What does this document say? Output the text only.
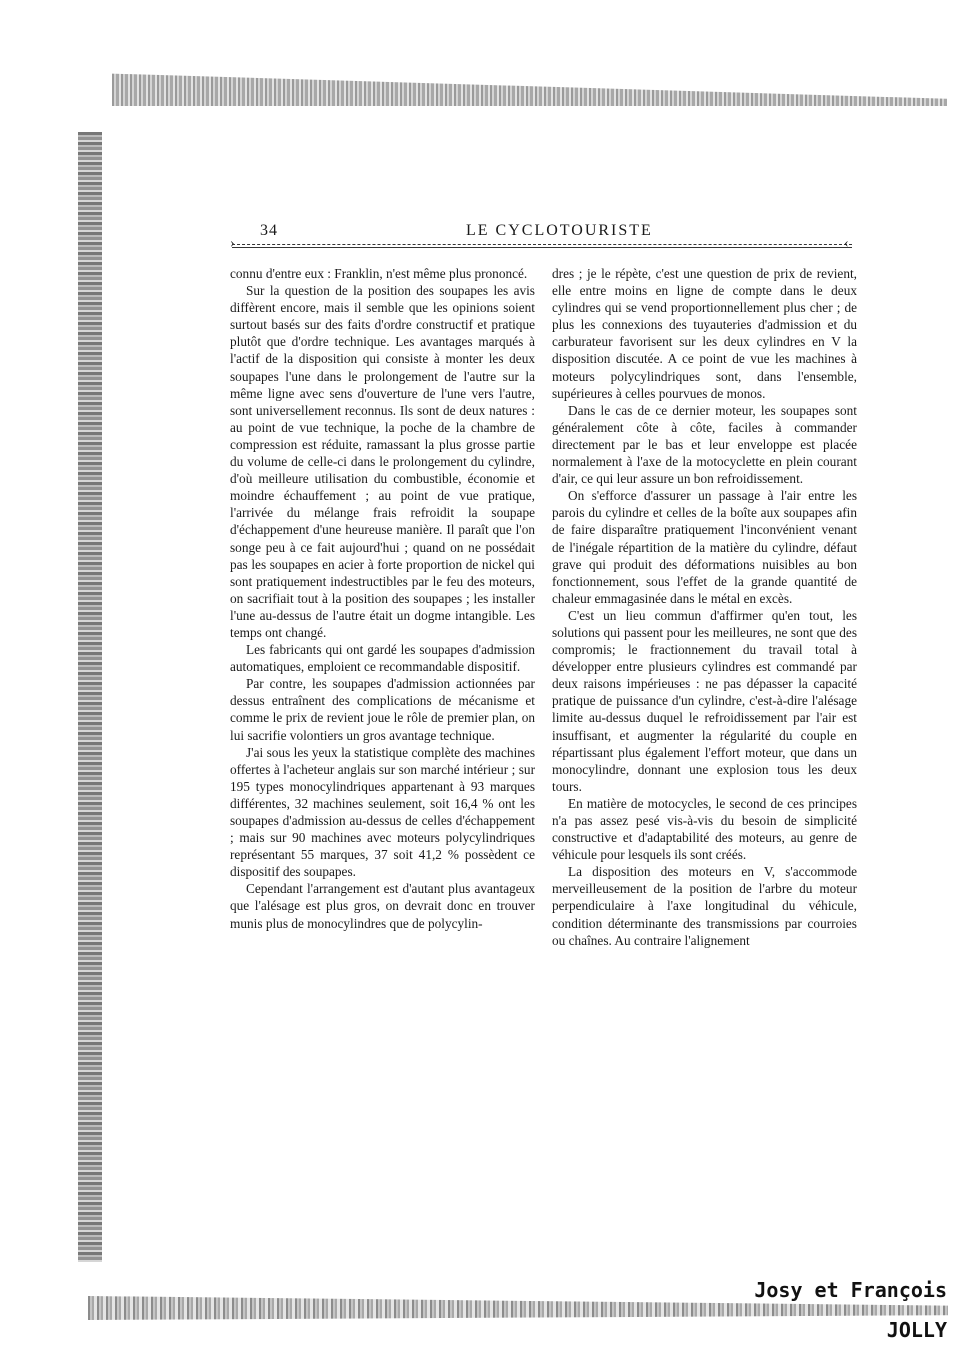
34	LE CYCLOTOURISTE
›	‹

connu d'entre eux : Franklin, n'est même plus prononcé.

Sur la question de la position des soupapes les avis diffèrent encore, mais il semble que les opinions soient surtout basés sur des faits d'ordre constructif et pratique plutôt que d'ordre technique. Les avantages marqués à l'actif de la disposition qui consiste à monter les deux soupapes l'une dans le prolongement de l'autre sur la même ligne avec sens d'ouverture de l'une vers l'autre, sont universellement reconnus. Ils sont de deux natures : au point de vue technique, la poche de la chambre de compression est réduite, ramassant la plus grosse partie du volume de celle-ci dans le prolongement du cylindre, d'où meilleure utilisation du combustible, économie et moindre échauffement ; au point de vue pratique, l'arrivée du mélange frais refroidit la soupape d'échappement d'une heureuse manière. Il paraît que l'on songe peu à ce fait aujourd'hui ; quand on ne possédait pas les soupapes en acier à forte proportion de nickel qui sont pratiquement indestructibles par le feu des moteurs, on sacrifiait tout à la position des soupapes ; les installer l'une au-dessus de l'autre était un dogme intangible. Les temps ont changé.

Les fabricants qui ont gardé les soupapes d'admission automatiques, emploient ce recommandable dispositif.

Par contre, les soupapes d'admission actionnées par dessus entraînent des complications de mécanisme et comme le prix de revient joue le rôle de premier plan, on lui sacrifie volontiers un gros avantage technique.

J'ai sous les yeux la statistique complète des machines offertes à l'acheteur anglais sur son marché intérieur ; sur 195 types monocylindriques appartenant à 93 marques différentes, 32 machines seulement, soit 16,4 % ont les soupapes d'admission au-dessus de celles d'échappement ; mais sur 90 machines avec moteurs polycylindriques représentant 55 marques, 37 soit 41,2 % possèdent ce dispositif des soupapes.

Cependant l'arrangement est d'autant plus avantageux que l'alésage est plus gros, on devrait donc en trouver munis plus de monocylindres que de polycylin-

dres ; je le répète, c'est une question de prix de revient, elle entre moins en ligne de compte dans le deux cylindres qui se vend proportionnellement plus cher ; de plus les connexions des tuyauteries d'admission et du carburateur favorisent sur les deux cylindres en V la disposition discutée. A ce point de vue les machines à moteurs polycylindriques sont, dans l'ensemble, supérieures à celles pourvues de monos.

Dans le cas de ce dernier moteur, les soupapes sont généralement côte à côte, faciles à commander directement par le bas et leur enveloppe est placée normalement à l'axe de la motocyclette en plein courant d'air, ce qui leur assure un bon refroidissement.

On s'efforce d'assurer un passage à l'air entre les parois du cylindre et celles de la boîte aux soupapes afin de faire disparaître pratiquement l'inconvénient venant de l'inégale répartition de la matière du cylindre, défaut grave qui produit des déformations nuisibles au bon fonctionnement, sous l'effet de la grande quantité de chaleur emmagasinée dans le métal en excès.

C'est un lieu commun d'affirmer qu'en tout, les solutions qui passent pour les meilleures, ne sont que des compromis; le fractionnement du travail total à développer entre plusieurs cylindres est commandé par deux raisons impérieuses : ne pas dépasser la capacité pratique de puissance d'un cylindre, c'est-à-dire l'alésage limite au-dessus duquel le refroidissement par l'air est insuffisant, et augmenter la régularité du couple en répartissant plus également l'effort moteur, que dans un monocylindre, donnant une explosion tous les deux tours.

En matière de motocycles, le second de ces principes n'a pas assez pesé vis-à-vis du besoin de simplicité constructive et d'adaptabilité des moteurs, au genre de véhicule pour lesquels ils sont créés.

La disposition des moteurs en V, s'accommode merveilleusement de la position de l'arbre du moteur perpendiculaire à l'axe longitudinal du véhicule, condition déterminante des transmissions par courroies ou chaînes. Au contraire l'alignement

Josy et François
JOLLY
